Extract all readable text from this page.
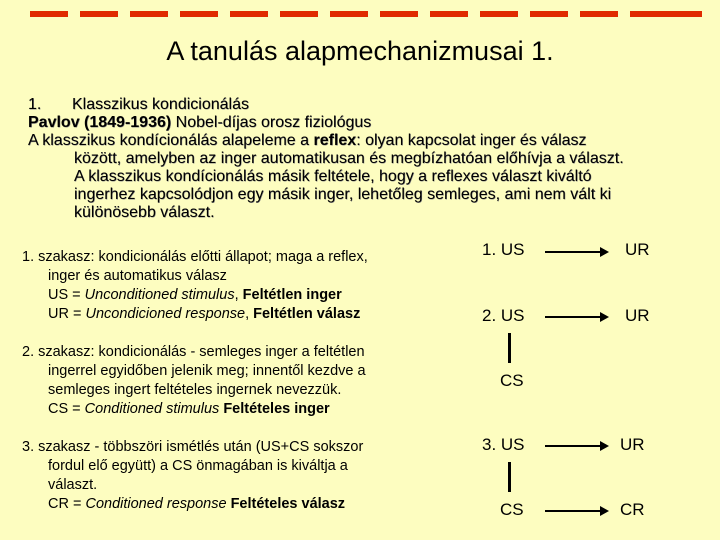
A tanulás alapmechanizmusai 1.
1. Klasszikus kondicionálás
Pavlov (1849-1936) Nobel-díjas orosz fiziológus
A klasszikus kondícionálás alapeleme a reflex: olyan kapcsolat inger és válasz
között, amelyben az inger automatikusan és megbízhatóan előhívja a választ.
A klasszikus kondícionálás másik feltétele, hogy a reflexes választ kiváltó
ingerhez kapcsolódjon egy másik inger, lehetőleg semleges, ami nem vált ki
különösebb választ.
1. szakasz: kondicionálás előtti állapot; maga a reflex,
inger és automatikus válasz
US = Unconditioned stimulus, Feltétlen inger
UR = Uncondicioned response, Feltétlen válasz
2. szakasz: kondicionálás - semleges inger a feltétlen
ingerrel egyidőben jelenik meg; innentől kezdve a
semleges ingert feltételes ingernek nevezzük.
CS = Conditioned stimulus Feltételes inger
3. szakasz - többszöri ismétlés után (US+CS sokszor
fordul elő együtt) a CS önmagában is kiváltja a
választ.
CR = Conditioned response Feltételes válasz
1. US	UR
2. US	UR
CS
3. US	UR
CS	CR
